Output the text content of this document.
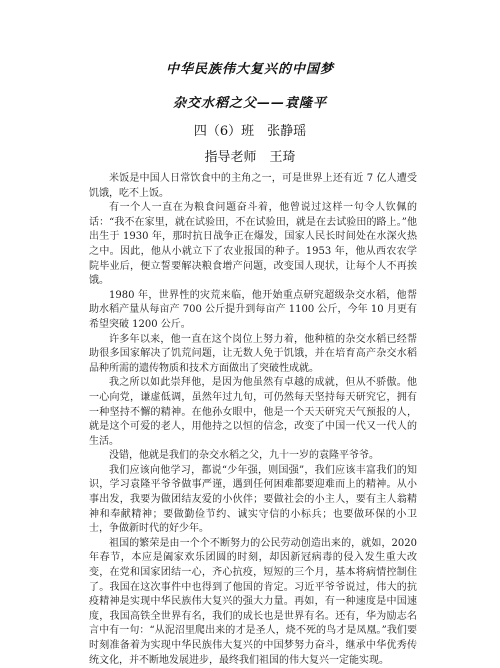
中华民族伟大复兴的中国梦
杂交水稻之父——袁隆平
四（6）班　张静瑶
指导老师　王琦

米饭是中国人日常饮食中的主角之一，可是世界上还有近 7 亿人遭受饥饿，吃不上饭。

有一个人一直在为粮食问题奋斗着，他曾说过这样一句令人钦佩的话：“我不在家里，就在试验田，不在试验田，就是在去试验田的路上。”他出生于 1930 年，那时抗日战争正在爆发，国家人民长时间处在水深火热之中。因此，他从小就立下了农业报国的种子。1953 年，他从西农农学院毕业后，便立誓要解决粮食增产问题，改变国人现状，让每个人不再挨饿。

1980 年，世界性的灾荒来临，他开始重点研究超级杂交水稻，他帮助水稻产量从每亩产 700 公斤提升到每亩产 1100 公斤，今年 10 月更有希望突破 1200 公斤。

许多年以来，他一直在这个岗位上努力着，他种植的杂交水稻已经帮助很多国家解决了饥荒问题，让无数人免于饥饿，并在培育高产杂交水稻品种所需的遗传物质和技术方面做出了突破性成就。

我之所以如此崇拜他，是因为他虽然有卓越的成就，但从不骄傲。他一心向党，谦虚低调，虽然年过九旬，可仍然每天坚持每天研究它，拥有一种坚持不懈的精神。在他孙女眼中，他是一个天天研究天气预报的人，就是这个可爱的老人，用他持之以恒的信念，改变了中国一代又一代人的生活。

没错，他就是我们的杂交水稻之父，九十一岁的袁隆平爷爷。

我们应该向他学习，都说“少年强，则国强”，我们应该丰富我们的知识，学习袁隆平爷爷做事严谨，遇到任何困难都要迎难而上的精神。从小事出发，我要为做团结友爱的小伙伴；要做社会的小主人，要有主人翁精神和奉献精神；要做勤俭节约、诚实守信的小标兵；也要做环保的小卫士，争做新时代的好少年。

祖国的繁荣是由一个个不断努力的公民劳动创造出来的，就如，2020 年春节，本应是阖家欢乐团圆的时刻，却因新冠病毒的侵入发生重大改变，在党和国家团结一心，齐心抗疫，短短的三个月，基本将病情控制住了。我国在这次事件中也得到了他国的肯定。习近平爷爷说过，伟大的抗疫精神是实现中华民族伟大复兴的强大力量。再如，有一种速度是中国速度，我国高铁全世界有名，我们的成长也是世界有名。还有，华为励志名言中有一句：“从泥沼里爬出来的才是圣人，烧不死的鸟才是凤凰。”我们要时刻准备着为实现中华民族伟大复兴的中国梦努力奋斗，继承中华优秀传统文化，并不断地发展进步，最终我们祖国的伟大复兴一定能实现。
